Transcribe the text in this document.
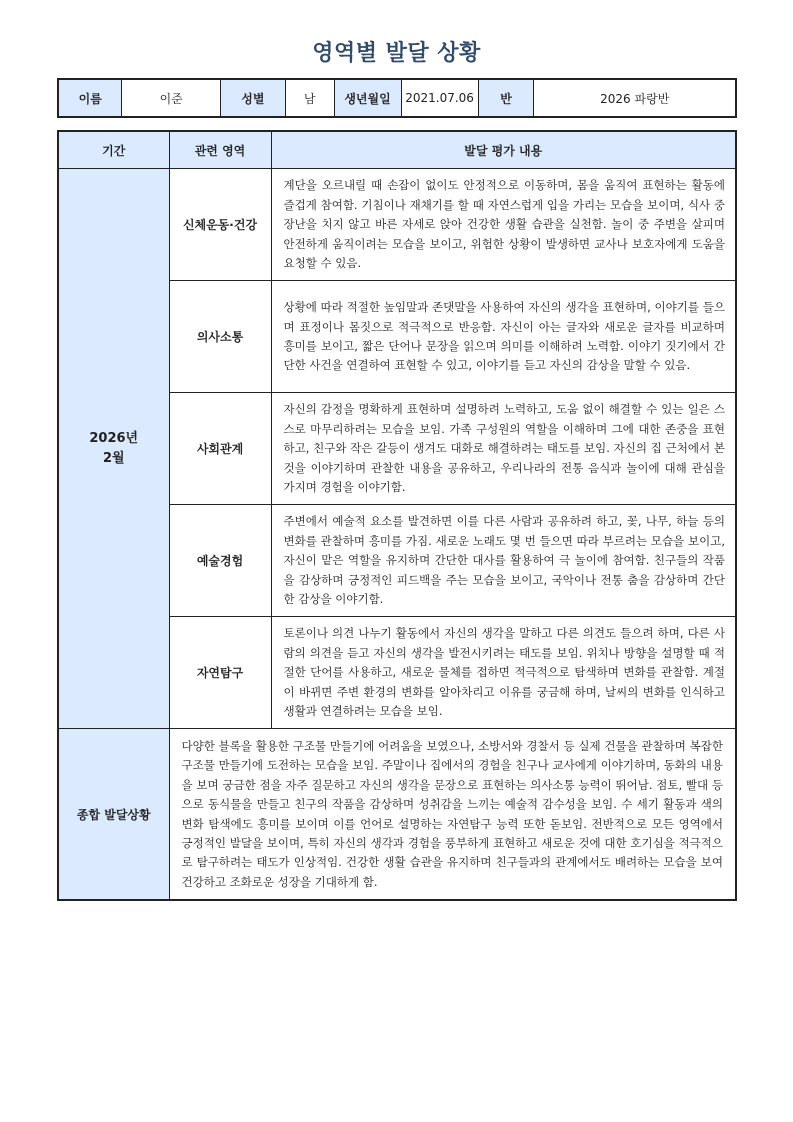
영역별 발달 상황
이름	이준	성별	남	생년월일	2021.07.06	반	2026 파랑반
기간	관련 영역	발달 평가 내용

2026년
2월	신체운동·건강	계단을 오르내릴 때 손잡이 없이도 안정적으로 이동하며, 몸을 움직여 표현하는 활동에 즐겁게 참여함. 기침이나 재채기를 할 때 자연스럽게 입을 가리는 모습을 보이며, 식사 중 장난을 치지 않고 바른 자세로 앉아 건강한 생활 습관을 실천함. 놀이 중 주변을 살피며 안전하게 움직이려는 모습을 보이고, 위험한 상황이 발생하면 교사나 보호자에게 도움을 요청할 수 있음.
	의사소통	상황에 따라 적절한 높임말과 존댓말을 사용하여 자신의 생각을 표현하며, 이야기를 들으며 표정이나 몸짓으로 적극적으로 반응함. 자신이 아는 글자와 새로운 글자를 비교하며 흥미를 보이고, 짧은 단어나 문장을 읽으며 의미를 이해하려 노력함. 이야기 짓기에서 간단한 사건을 연결하여 표현할 수 있고, 이야기를 듣고 자신의 감상을 말할 수 있음.
	사회관계	자신의 감정을 명확하게 표현하며 설명하려 노력하고, 도움 없이 해결할 수 있는 일은 스스로 마무리하려는 모습을 보임. 가족 구성원의 역할을 이해하며 그에 대한 존중을 표현하고, 친구와 작은 갈등이 생겨도 대화로 해결하려는 태도를 보임. 자신의 집 근처에서 본 것을 이야기하며 관찰한 내용을 공유하고, 우리나라의 전통 음식과 놀이에 대해 관심을 가지며 경험을 이야기함.
	예술경험	주변에서 예술적 요소를 발견하면 이를 다른 사람과 공유하려 하고, 꽃, 나무, 하늘 등의 변화를 관찰하며 흥미를 가짐. 새로운 노래도 몇 번 들으면 따라 부르려는 모습을 보이고, 자신이 맡은 역할을 유지하며 간단한 대사를 활용하여 극 놀이에 참여함. 친구들의 작품을 감상하며 긍정적인 피드백을 주는 모습을 보이고, 국악이나 전통 춤을 감상하며 간단한 감상을 이야기함.
	자연탐구	토론이나 의견 나누기 활동에서 자신의 생각을 말하고 다른 의견도 들으려 하며, 다른 사람의 의견을 듣고 자신의 생각을 발전시키려는 태도를 보임. 위치나 방향을 설명할 때 적절한 단어를 사용하고, 새로운 물체를 접하면 적극적으로 탐색하며 변화를 관찰함. 계절이 바뀌면 주변 환경의 변화를 알아차리고 이유를 궁금해 하며, 날씨의 변화를 인식하고 생활과 연결하려는 모습을 보임.
종합 발달상황	다양한 블록을 활용한 구조물 만들기에 어려움을 보였으나, 소방서와 경찰서 등 실제 건물을 관찰하며 복잡한 구조물 만들기에 도전하는 모습을 보임. 주말이나 집에서의 경험을 친구나 교사에게 이야기하며, 동화의 내용을 보며 궁금한 점을 자주 질문하고 자신의 생각을 문장으로 표현하는 의사소통 능력이 뛰어남. 점토, 빨대 등으로 동식물을 만들고 친구의 작품을 감상하며 성취감을 느끼는 예술적 감수성을 보임. 수 세기 활동과 색의 변화 탐색에도 흥미를 보이며 이를 언어로 설명하는 자연탐구 능력 또한 돋보임. 전반적으로 모든 영역에서 긍정적인 발달을 보이며, 특히 자신의 생각과 경험을 풍부하게 표현하고 새로운 것에 대한 호기심을 적극적으로 탐구하려는 태도가 인상적임. 건강한 생활 습관을 유지하며 친구들과의 관계에서도 배려하는 모습을 보여 건강하고 조화로운 성장을 기대하게 함.	
